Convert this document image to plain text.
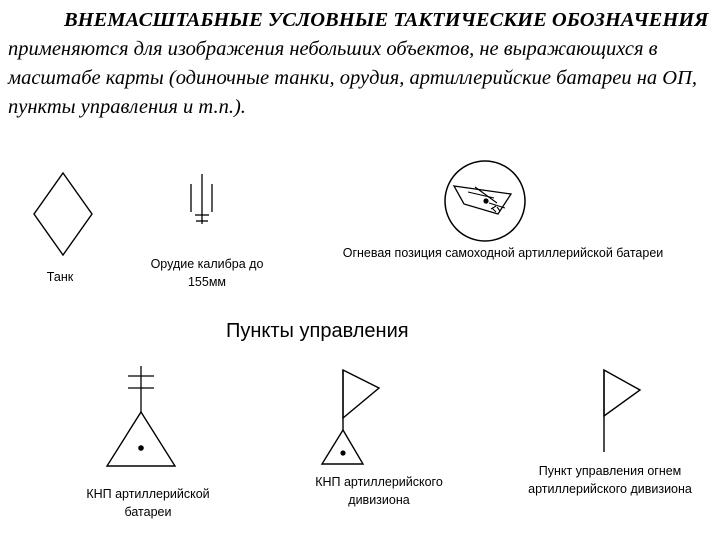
ВНЕМАСШТАБНЫЕ УСЛОВНЫЕ ТАКТИЧЕСКИЕ ОБОЗНАЧЕНИЯ применяются для изображения небольших объектов, не выражающихся в масштабе карты (одиночные танки, орудия, артиллерийские батареи на ОП, пункты управления и т.п.).

Танк

Орудие калибра до 155мм

Огневая позиция самоходной артиллерийской батареи

Пункты управления

КНП артиллерийской батареи

КНП артиллерийского дивизиона

Пункт управления огнем артиллерийского дивизиона
